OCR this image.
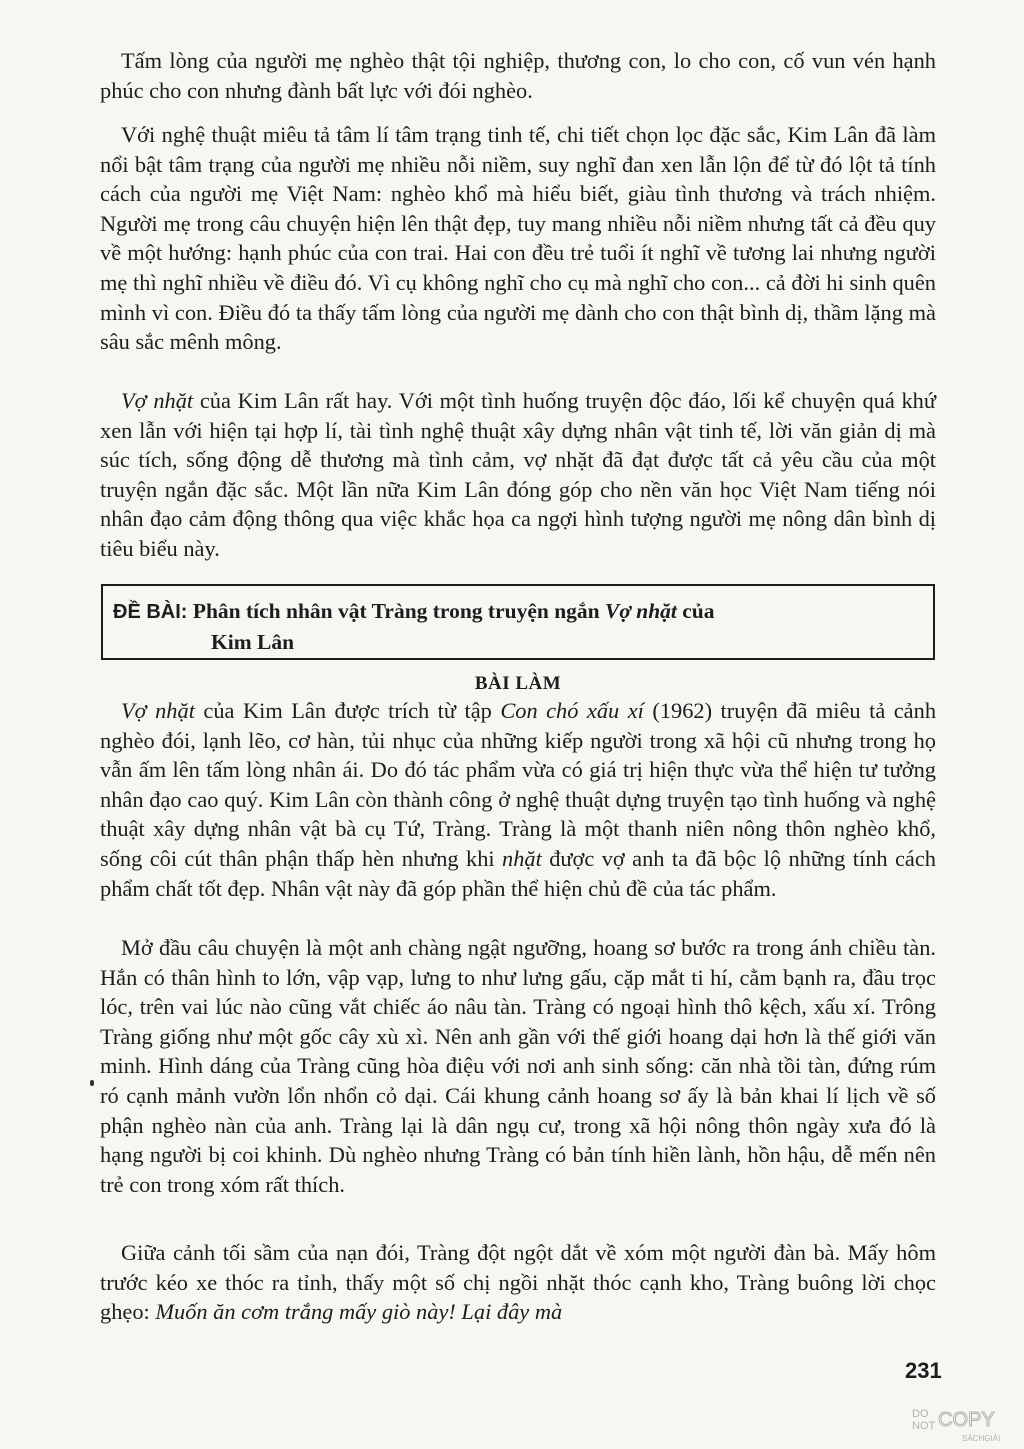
Tấm lòng của người mẹ nghèo thật tội nghiệp, thương con, lo cho con, cố vun vén hạnh phúc cho con nhưng đành bất lực với đói nghèo.

Với nghệ thuật miêu tả tâm lí tâm trạng tinh tế, chi tiết chọn lọc đặc sắc, Kim Lân đã làm nổi bật tâm trạng của người mẹ nhiều nỗi niềm, suy nghĩ đan xen lẫn lộn để từ đó lột tả tính cách của người mẹ Việt Nam: nghèo khổ mà hiểu biết, giàu tình thương và trách nhiệm. Người mẹ trong câu chuyện hiện lên thật đẹp, tuy mang nhiều nỗi niềm nhưng tất cả đều quy về một hướng: hạnh phúc của con trai. Hai con đều trẻ tuổi ít nghĩ về tương lai nhưng người mẹ thì nghĩ nhiều về điều đó. Vì cụ không nghĩ cho cụ mà nghĩ cho con... cả đời hi sinh quên mình vì con. Điều đó ta thấy tấm lòng của người mẹ dành cho con thật bình dị, thầm lặng mà sâu sắc mênh mông.

Vợ nhặt của Kim Lân rất hay. Với một tình huống truyện độc đáo, lối kể chuyện quá khứ xen lẫn với hiện tại hợp lí, tài tình nghệ thuật xây dựng nhân vật tinh tế, lời văn giản dị mà súc tích, sống động dễ thương mà tình cảm, vợ nhặt đã đạt được tất cả yêu cầu của một truyện ngắn đặc sắc. Một lần nữa Kim Lân đóng góp cho nền văn học Việt Nam tiếng nói nhân đạo cảm động thông qua việc khắc họa ca ngợi hình tượng người mẹ nông dân bình dị tiêu biểu này.

ĐỀ BÀI: Phân tích nhân vật Tràng trong truyện ngắn Vợ nhặt của
Kim Lân
BÀI LÀM

Vợ nhặt của Kim Lân được trích từ tập Con chó xấu xí (1962) truyện đã miêu tả cảnh nghèo đói, lạnh lẽo, cơ hàn, tủi nhục của những kiếp người trong xã hội cũ nhưng trong họ vẫn ấm lên tấm lòng nhân ái. Do đó tác phẩm vừa có giá trị hiện thực vừa thể hiện tư tưởng nhân đạo cao quý. Kim Lân còn thành công ở nghệ thuật dựng truyện tạo tình huống và nghệ thuật xây dựng nhân vật bà cụ Tứ, Tràng. Tràng là một thanh niên nông thôn nghèo khổ, sống côi cút thân phận thấp hèn nhưng khi nhặt được vợ anh ta đã bộc lộ những tính cách phẩm chất tốt đẹp. Nhân vật này đã góp phần thể hiện chủ đề của tác phẩm.

Mở đầu câu chuyện là một anh chàng ngật ngưỡng, hoang sơ bước ra trong ánh chiều tàn. Hắn có thân hình to lớn, vập vạp, lưng to như lưng gấu, cặp mắt ti hí, cằm bạnh ra, đầu trọc lóc, trên vai lúc nào cũng vắt chiếc áo nâu tàn. Tràng có ngoại hình thô kệch, xấu xí. Trông Tràng giống như một gốc cây xù xì. Nên anh gần với thế giới hoang dại hơn là thế giới văn minh. Hình dáng của Tràng cũng hòa điệu với nơi anh sinh sống: căn nhà tồi tàn, đứng rúm ró cạnh mảnh vườn lổn nhổn cỏ dại. Cái khung cảnh hoang sơ ấy là bản khai lí lịch về số phận nghèo nàn của anh. Tràng lại là dân ngụ cư, trong xã hội nông thôn ngày xưa đó là hạng người bị coi khinh. Dù nghèo nhưng Tràng có bản tính hiền lành, hồn hậu, dễ mến nên trẻ con trong xóm rất thích.

Giữa cảnh tối sầm của nạn đói, Tràng đột ngột dắt về xóm một người đàn bà. Mấy hôm trước kéo xe thóc ra tỉnh, thấy một số chị ngồi nhặt thóc cạnh kho, Tràng buông lời chọc ghẹo: Muốn ăn cơm trắng mấy giò này! Lại đây mà

231
DO
NOT COPY
SÁCHGIẢI
